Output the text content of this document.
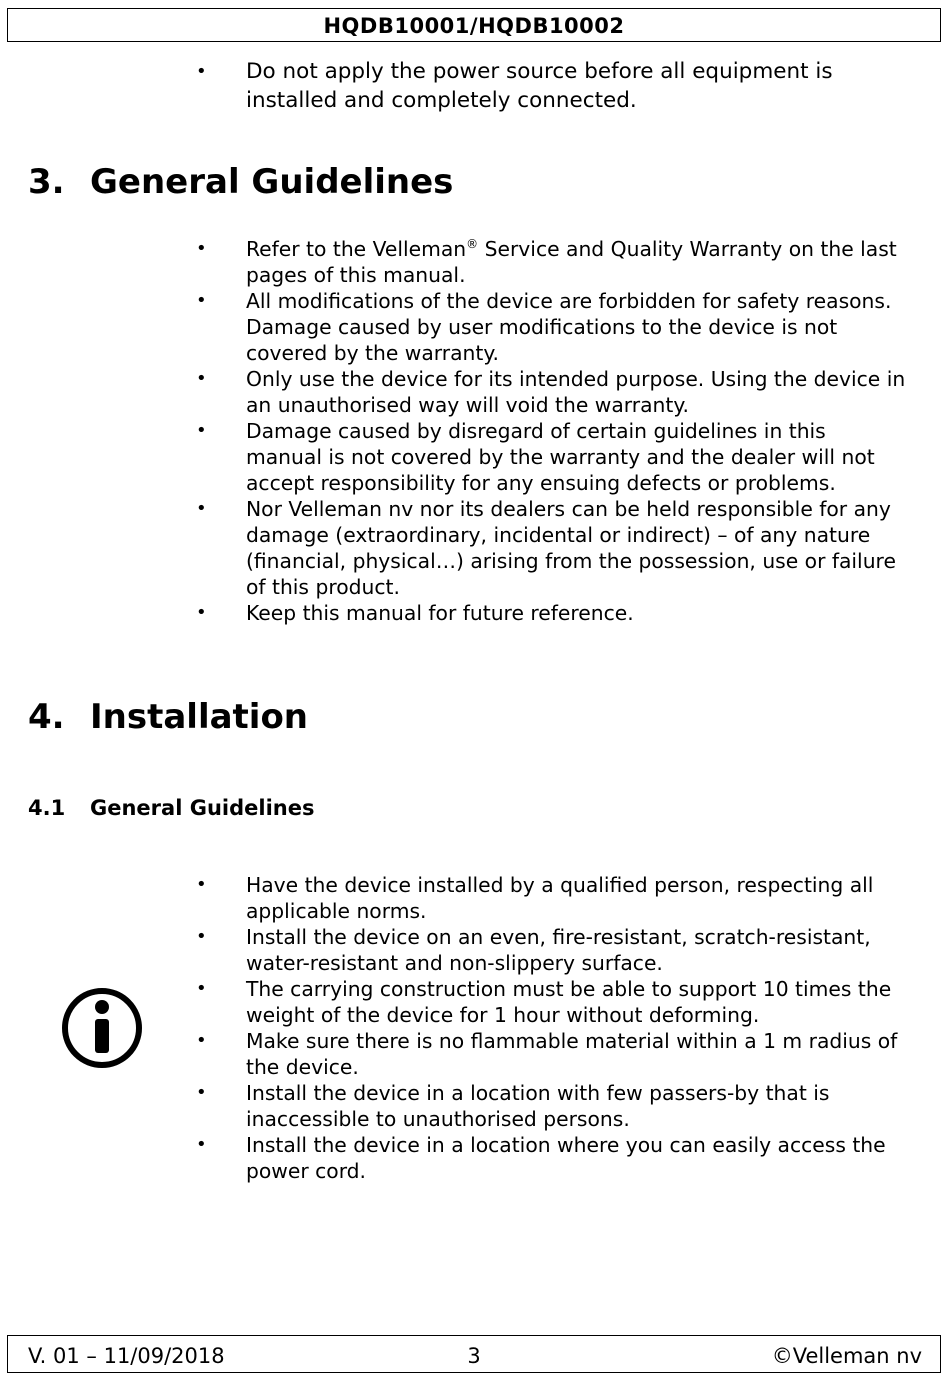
HQDB10001/HQDB10002
• Do not apply the power source before all equipment is installed and completely connected.
3. General Guidelines
• Refer to the Velleman® Service and Quality Warranty on the last pages of this manual.
• All modifications of the device are forbidden for safety reasons. Damage caused by user modifications to the device is not covered by the warranty.
• Only use the device for its intended purpose. Using the device in an unauthorised way will void the warranty.
• Damage caused by disregard of certain guidelines in this manual is not covered by the warranty and the dealer will not accept responsibility for any ensuing defects or problems.
• Nor Velleman nv nor its dealers can be held responsible for any damage (extraordinary, incidental or indirect) – of any nature (financial, physical…) arising from the possession, use or failure of this product.
• Keep this manual for future reference.
4. Installation
4.1 General Guidelines
• Have the device installed by a qualified person, respecting all applicable norms.
• Install the device on an even, fire-resistant, scratch-resistant, water-resistant and non-slippery surface.
• The carrying construction must be able to support 10 times the weight of the device for 1 hour without deforming.
• Make sure there is no flammable material within a 1 m radius of the device.
• Install the device in a location with few passers-by that is inaccessible to unauthorised persons.
• Install the device in a location where you can easily access the power cord.
V. 01 – 11/09/2018	3	©Velleman nv
